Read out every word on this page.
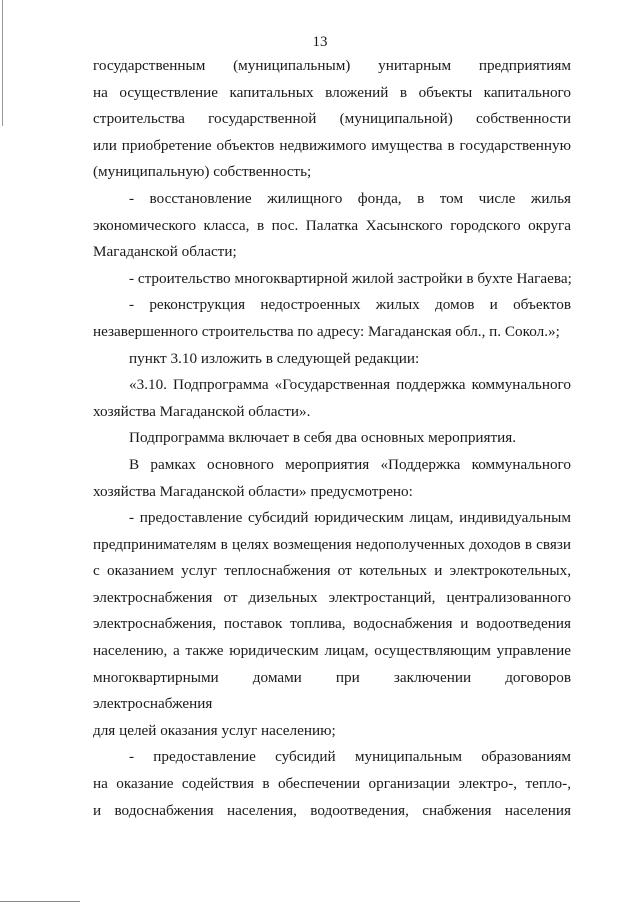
13
государственным (муниципальным) унитарным предприятиям
на осуществление капитальных вложений в объекты капитального
строительства государственной (муниципальной) собственности
или приобретение объектов недвижимого имущества в государственную
(муниципальную) собственность;
- восстановление жилищного фонда, в том числе жилья
экономического класса, в пос. Палатка Хасынского городского округа
Магаданской области;
- строительство многоквартирной жилой застройки в бухте Нагаева;
- реконструкция недостроенных жилых домов и объектов
незавершенного строительства по адресу: Магаданская обл., п. Сокол.»;
пункт 3.10 изложить в следующей редакции:
«3.10. Подпрограмма «Государственная поддержка коммунального
хозяйства Магаданской области».
Подпрограмма включает в себя два основных мероприятия.
В рамках основного мероприятия «Поддержка коммунального
хозяйства Магаданской области» предусмотрено:
- предоставление субсидий юридическим лицам, индивидуальным
предпринимателям в целях возмещения недополученных доходов в связи
с оказанием услуг теплоснабжения от котельных и электрокотельных,
электроснабжения от дизельных электростанций, централизованного
электроснабжения, поставок топлива, водоснабжения и водоотведения
населению, а также юридическим лицам, осуществляющим управление
многоквартирными домами при заключении договоров электроснабжения
для целей оказания услуг населению;
- предоставление субсидий муниципальным образованиям
на оказание содействия в обеспечении организации электро-, тепло-,
и водоснабжения населения, водоотведения, снабжения населения
